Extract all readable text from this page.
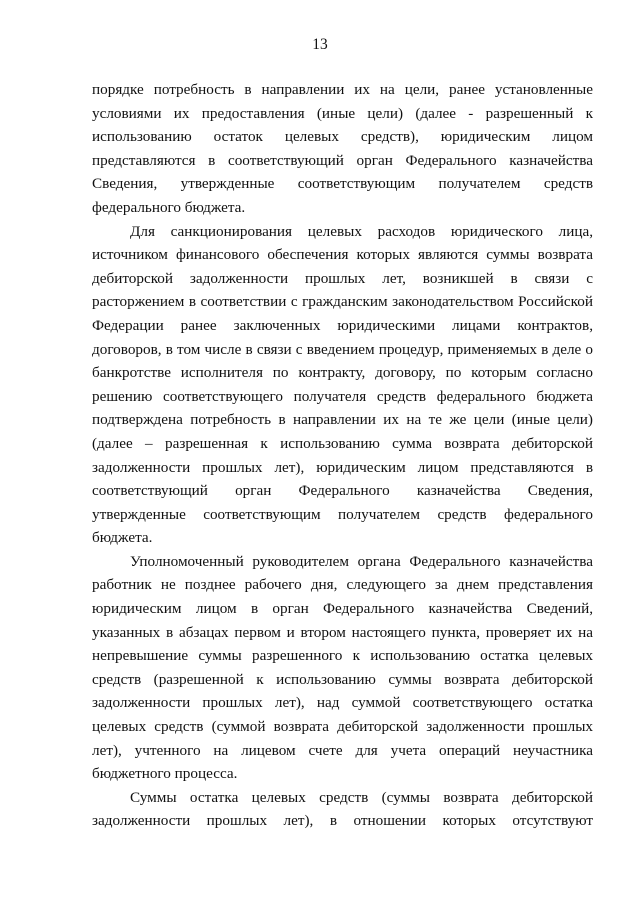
13

порядке потребность в направлении их на цели, ранее установленные
условиями их предоставления (иные цели) (далее - разрешенный к
использованию остаток целевых средств), юридическим лицом
представляются в соответствующий орган Федерального казначейства
Сведения, утвержденные соответствующим получателем средств
федерального бюджета.

Для санкционирования целевых расходов юридического лица,
источником финансового обеспечения которых являются суммы возврата
дебиторской задолженности прошлых лет, возникшей в связи с
расторжением в соответствии с гражданским законодательством Российской
Федерации ранее заключенных юридическими лицами контрактов,
договоров, в том числе в связи с введением процедур, применяемых в деле о
банкротстве исполнителя по контракту, договору, по которым согласно
решению соответствующего получателя средств федерального бюджета
подтверждена потребность в направлении их на те же цели (иные цели)
(далее – разрешенная к использованию сумма возврата дебиторской
задолженности прошлых лет), юридическим лицом представляются в
соответствующий орган Федерального казначейства Сведения,
утвержденные соответствующим получателем средств федерального
бюджета.

Уполномоченный руководителем органа Федерального казначейства
работник не позднее рабочего дня, следующего за днем представления
юридическим лицом в орган Федерального казначейства Сведений,
указанных в абзацах первом и втором настоящего пункта, проверяет их на
непревышение суммы разрешенного к использованию остатка целевых
средств (разрешенной к использованию суммы возврата дебиторской
задолженности прошлых лет), над суммой соответствующего остатка
целевых средств (суммой возврата дебиторской задолженности прошлых
лет), учтенного на лицевом счете для учета операций неучастника
бюджетного процесса.

Суммы остатка целевых средств (суммы возврата дебиторской
задолженности прошлых лет), в отношении которых отсутствуют
